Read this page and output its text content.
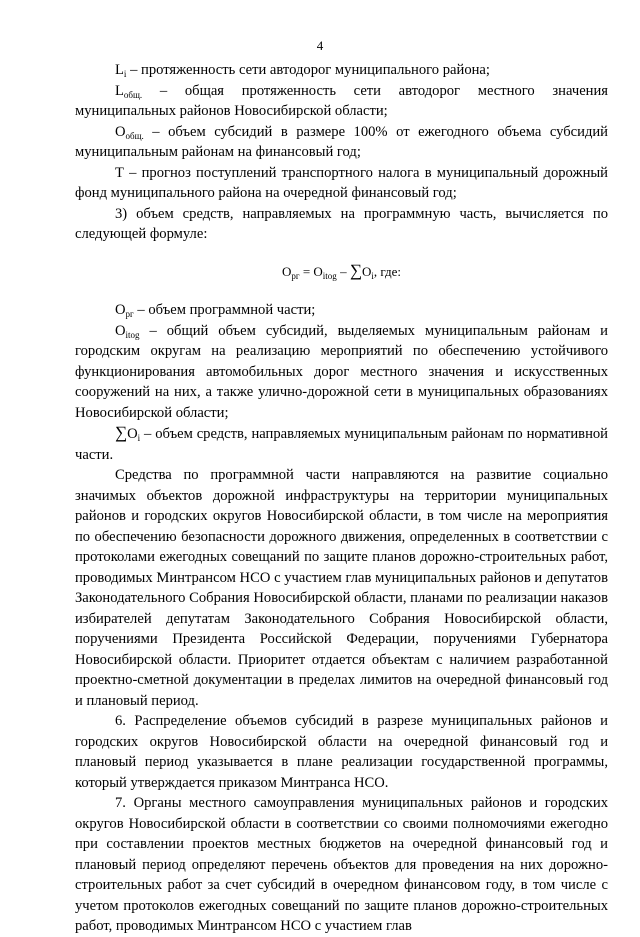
4

$L_i$ – протяженность сети автодорог муниципального района;

$L_{общ.}$ – общая протяженность сети автодорог местного значения муниципальных районов Новосибирской области;

$О_{общ.}$ – объем субсидий в размере 100% от ежегодного объема субсидий муниципальным районам на финансовый год;

Т – прогноз поступлений транспортного налога в муниципальный дорожный фонд муниципального района на очередной финансовый год;

3) объем средств, направляемых на программную часть, вычисляется по следующей формуле:

$О_{рг} = О_{itog} - \sum О_i$, где:

$О_{рг}$ – объем программной части;

$О_{itog}$ – общий объем субсидий, выделяемых муниципальным районам и городским округам на реализацию мероприятий по обеспечению устойчивого функционирования автомобильных дорог местного значения и искусственных сооружений на них, а также улично-дорожной сети в муниципальных образованиях Новосибирской области;

$\sum О_i$ – объем средств, направляемых муниципальным районам по нормативной части.

Средства по программной части направляются на развитие социально значимых объектов дорожной инфраструктуры на территории муниципальных районов и городских округов Новосибирской области, в том числе на мероприятия по обеспечению безопасности дорожного движения, определенных в соответствии с протоколами ежегодных совещаний по защите планов дорожно-строительных работ, проводимых Минтрансом НСО с участием глав муниципальных районов и депутатов Законодательного Собрания Новосибирской области, планами по реализации наказов избирателей депутатам Законодательного Собрания Новосибирской области, поручениями Президента Российской Федерации, поручениями Губернатора Новосибирской области. Приоритет отдается объектам с наличием разработанной проектно-сметной документации в пределах лимитов на очередной финансовый год и плановый период.

6. Распределение объемов субсидий в разрезе муниципальных районов и городских округов Новосибирской области на очередной финансовый год и плановый период указывается в плане реализации государственной программы, который утверждается приказом Минтранса НСО.

7. Органы местного самоуправления муниципальных районов и городских округов Новосибирской области в соответствии со своими полномочиями ежегодно при составлении проектов местных бюджетов на очередной финансовый год и плановый период определяют перечень объектов для проведения на них дорожно-строительных работ за счет субсидий в очередном финансовом году, в том числе с учетом протоколов ежегодных совещаний по защите планов дорожно-строительных работ, проводимых Минтрансом НСО с участием глав
